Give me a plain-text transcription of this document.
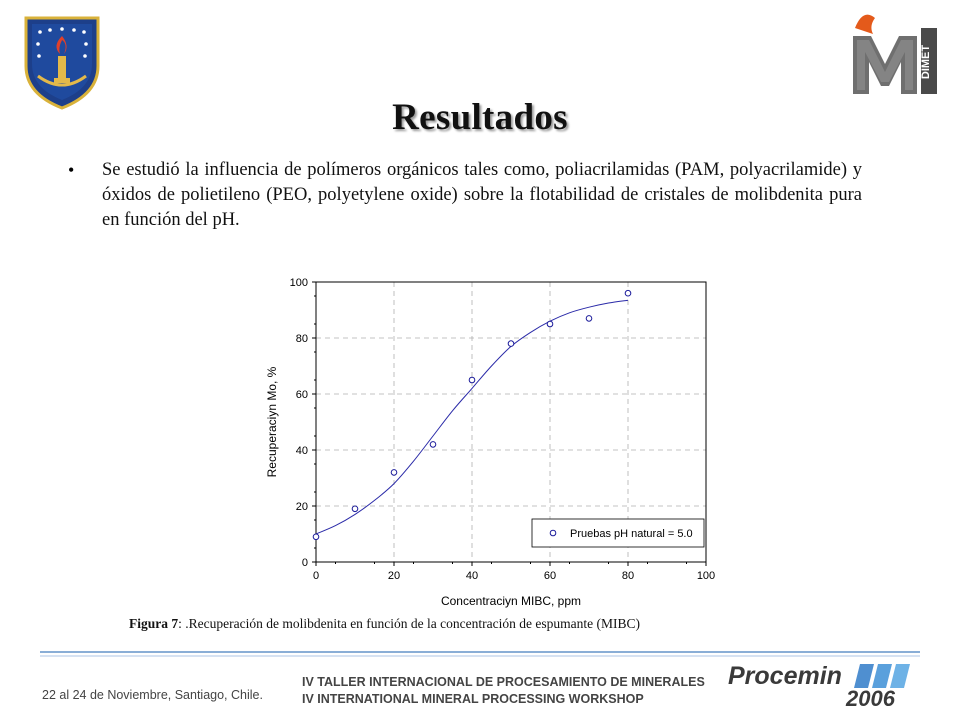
DIMET
Resultados
• Se estudió la influencia de polímeros orgánicos tales como, poliacrilamidas (PAM, polyacrilamide) y óxidos de polietileno (PEO, polyetylene oxide) sobre la flotabilidad de cristales de molibdenita pura en función del pH.
0	20	40	60	80	100
0
20
40
60
80
100
Concentraciyn MIBC, ppm
Recuperaciyn Mo, %
Pruebas pH natural = 5.0
Figura 7: .Recuperación de molibdenita en función de la concentración de espumante (MIBC)
22 al 24 de Noviembre, Santiago, Chile.
IV TALLER INTERNACIONAL DE PROCESAMIENTO DE MINERALES
IV INTERNATIONAL MINERAL PROCESSING WORKSHOP
Procemin
2006
